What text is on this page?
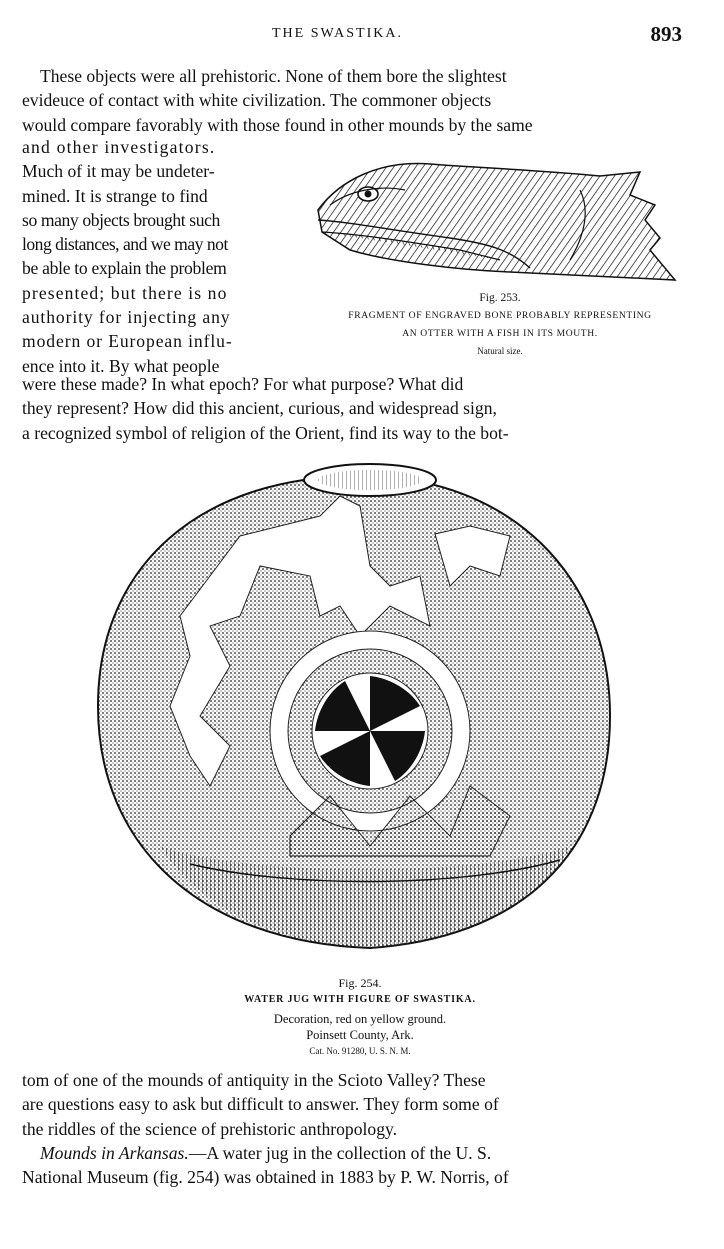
THE SWASTIKA.	893
These objects were all prehistoric. None of them bore the slightest
evideuce of contact with white civilization. The commoner objects
would compare favorably with those found in other mounds by the same
and other investigators.
Much of it may be undeter-
mined. It is strange to find
so many objects brought such
long distances, and we may not
be able to explain the problem
presented; but there is no
authority for injecting any
modern or European influ-
ence into it. By what people
Fig. 253.
FRAGMENT OF ENGRAVED BONE PROBABLY REPRESENTING
AN OTTER WITH A FISH IN ITS MOUTH.
Natural size.
were these made? In what epoch? For what purpose? What did
they represent? How did this ancient, curious, and widespread sign,
a recognized symbol of religion of the Orient, find its way to the bot-
Fig. 254.
WATER JUG WITH FIGURE OF SWASTIKA.
Decoration, red on yellow ground.
Poinsett County, Ark.
Cat. No. 91280, U. S. N. M.
tom of one of the mounds of antiquity in the Scioto Valley? These
are questions easy to ask but difficult to answer. They form some of
the riddles of the science of prehistoric anthropology.
Mounds in Arkansas.—A water jug in the collection of the U. S.
National Museum (fig. 254) was obtained in 1883 by P. W. Norris, of
